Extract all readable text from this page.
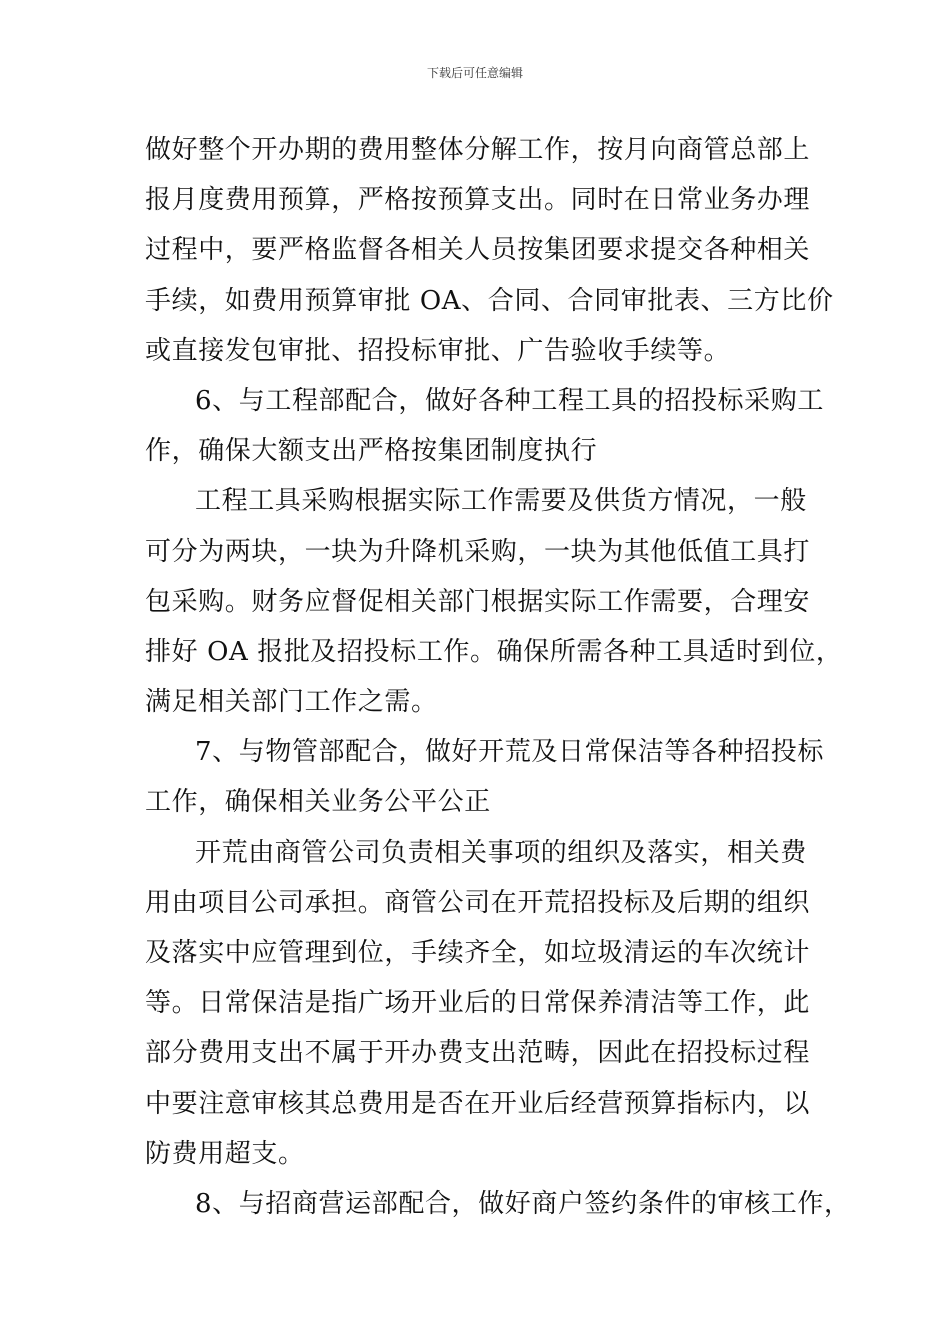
下载后可任意编辑
做好整个开办期的费用整体分解工作，按月向商管总部上
报月度费用预算，严格按预算支出。同时在日常业务办理
过程中，要严格监督各相关人员按集团要求提交各种相关
手续，如费用预算审批 OA、合同、合同审批表、三方比价
或直接发包审批、招投标审批、广告验收手续等。
6、与工程部配合，做好各种工程工具的招投标采购工
作，确保大额支出严格按集团制度执行
工程工具采购根据实际工作需要及供货方情况，一般
可分为两块，一块为升降机采购，一块为其他低值工具打
包采购。财务应督促相关部门根据实际工作需要，合理安
排好 OA 报批及招投标工作。确保所需各种工具适时到位，
满足相关部门工作之需。
7、与物管部配合，做好开荒及日常保洁等各种招投标
工作，确保相关业务公平公正
开荒由商管公司负责相关事项的组织及落实，相关费
用由项目公司承担。商管公司在开荒招投标及后期的组织
及落实中应管理到位，手续齐全，如垃圾清运的车次统计
等。日常保洁是指广场开业后的日常保养清洁等工作，此
部分费用支出不属于开办费支出范畴，因此在招投标过程
中要注意审核其总费用是否在开业后经营预算指标内，以
防费用超支。
8、与招商营运部配合，做好商户签约条件的审核工作，
